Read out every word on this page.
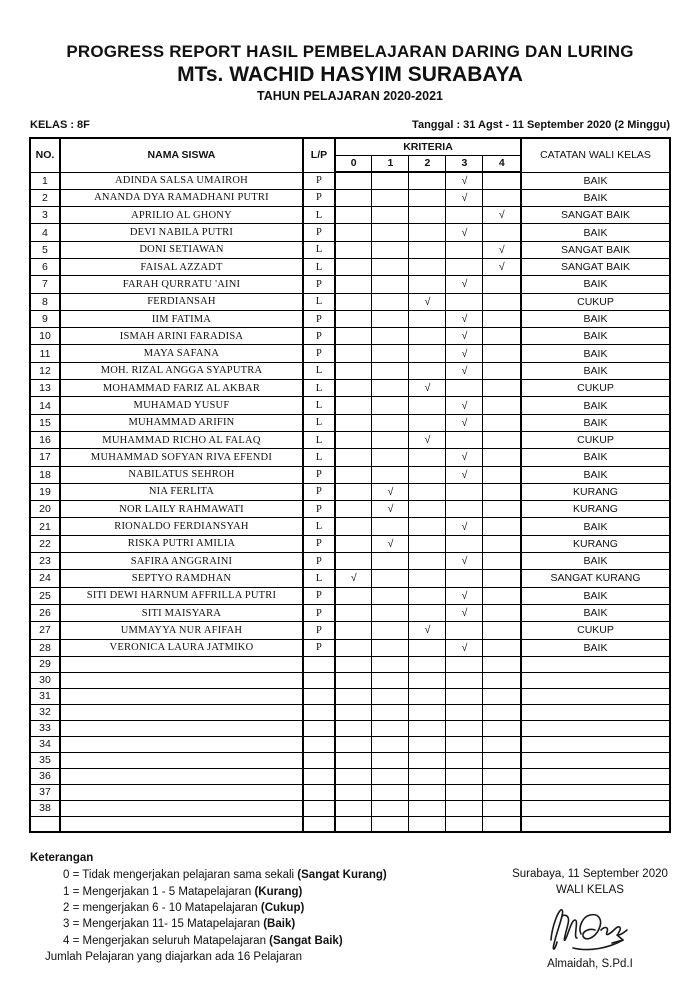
PROGRESS REPORT HASIL PEMBELAJARAN DARING DAN LURING
MTs. WACHID HASYIM SURABAYA
TAHUN PELAJARAN 2020-2021
KELAS : 8F	Tanggal : 31 Agst - 11 September 2020 (2 Minggu)
NO.	NAMA SISWA	L/P	KRITERIA					CATATAN WALI KELAS
			0	1	2	3	4	
1	ADINDA SALSA UMAIROH	P				√		BAIK
2	ANANDA DYA RAMADHANI PUTRI	P				√		BAIK
3	APRILIO AL GHONY	L					√	SANGAT BAIK
4	DEVI NABILA PUTRI	P				√		BAIK
5	DONI SETIAWAN	L					√	SANGAT BAIK
6	FAISAL AZZADT	L					√	SANGAT BAIK
7	FARAH QURRATU 'AINI	P				√		BAIK
8	FERDIANSAH	L			√			CUKUP
9	IIM FATIMA	P				√		BAIK
10	ISMAH ARINI FARADISA	P				√		BAIK
11	MAYA SAFANA	P				√		BAIK
12	MOH. RIZAL ANGGA SYAPUTRA	L				√		BAIK
13	MOHAMMAD FARIZ AL AKBAR	L			√			CUKUP
14	MUHAMAD YUSUF	L				√		BAIK
15	MUHAMMAD ARIFIN	L				√		BAIK
16	MUHAMMAD RICHO AL FALAQ	L			√			CUKUP
17	MUHAMMAD SOFYAN RIVA EFENDI	L				√		BAIK
18	NABILATUS SEHROH	P				√		BAIK
19	NIA FERLITA	P		√				KURANG
20	NOR LAILY RAHMAWATI	P		√				KURANG
21	RIONALDO FERDIANSYAH	L				√		BAIK
22	RISKA PUTRI AMILIA	P		√				KURANG
23	SAFIRA ANGGRAINI	P				√		BAIK
24	SEPTYO RAMDHAN	L	√					SANGAT KURANG
25	SITI DEWI HARNUM AFFRILLA PUTRI	P				√		BAIK
26	SITI MAISYARA	P				√		BAIK
27	UMMAYYA NUR AFIFAH	P			√			CUKUP
28	VERONICA LAURA JATMIKO	P				√		BAIK
29								
30								
31								
32								
33								
34								
35								
36								
37								
38								

Keterangan
0 = Tidak mengerjakan pelajaran sama sekali (Sangat Kurang)
1 = Mengerjakan 1 - 5 Matapelajaran (Kurang)
2 = mengerjakan 6 - 10 Matapelajaran (Cukup)
3 = Mengerjakan 11- 15 Matapelajaran (Baik)
4 = Mengerjakan seluruh Matapelajaran (Sangat Baik)
Jumlah Pelajaran yang diajarkan ada 16 Pelajaran
Surabaya, 11 September 2020
WALI KELAS
Almaidah, S.Pd.I
